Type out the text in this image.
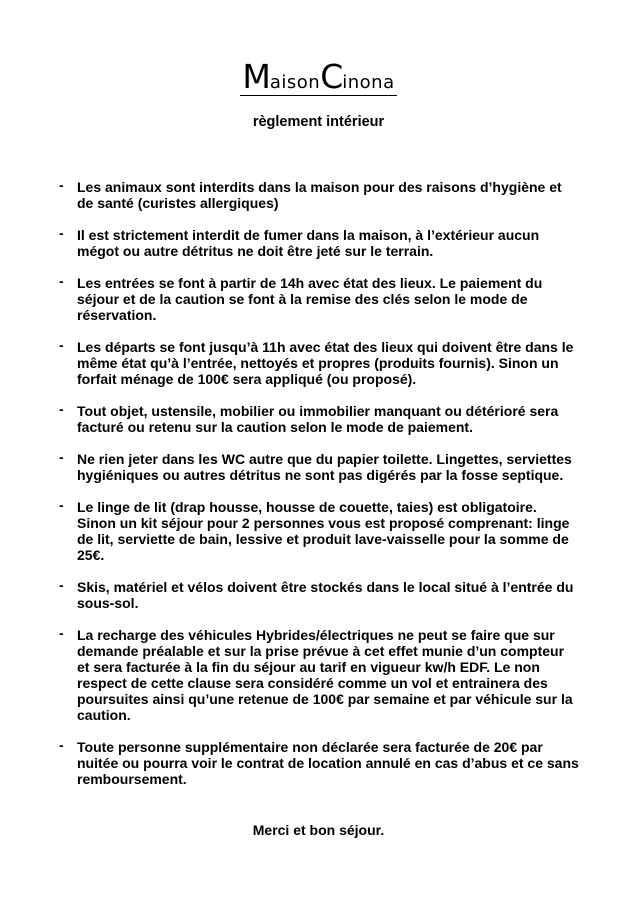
MaisonCinona
règlement intérieur
- Les animaux sont interdits dans la maison pour des raisons d’hygiène et de santé (curistes allergiques)
- Il est strictement interdit de fumer dans la maison, à l’extérieur aucun mégot ou autre détritus ne doit être jeté sur le terrain.
- Les entrées se font à partir de 14h avec état des lieux. Le paiement du séjour et de la caution se font à la remise des clés selon le mode de réservation.
- Les départs se font jusqu’à 11h avec état des lieux qui doivent être dans le même état qu’à l’entrée, nettoyés et propres (produits fournis). Sinon un forfait ménage de 100€ sera appliqué (ou proposé).
- Tout objet, ustensile, mobilier ou immobilier manquant ou détérioré sera facturé ou retenu sur la caution selon le mode de paiement.
- Ne rien jeter dans les WC autre que du papier toilette. Lingettes, serviettes hygiéniques ou autres détritus ne sont pas digérés par la fosse septique.
- Le linge de lit (drap housse, housse de couette, taies) est obligatoire. Sinon un kit séjour pour 2 personnes vous est proposé comprenant: linge de lit, serviette de bain, lessive et produit lave-vaisselle pour la somme de 25€.
- Skis, matériel et vélos doivent être stockés dans le local situé à l’entrée du sous-sol.
- La recharge des véhicules Hybrides/électriques ne peut se faire que sur demande préalable et sur la prise prévue à cet effet munie d’un compteur et sera facturée à la fin du séjour au tarif en vigueur kw/h EDF. Le non respect de cette clause sera considéré comme un vol et entrainera des poursuites ainsi qu’une retenue de 100€ par semaine et par véhicule sur la caution.
- Toute personne supplémentaire non déclarée sera facturée de 20€ par nuitée ou pourra voir le contrat de location annulé en cas d’abus et ce sans remboursement.
Merci et bon séjour.
